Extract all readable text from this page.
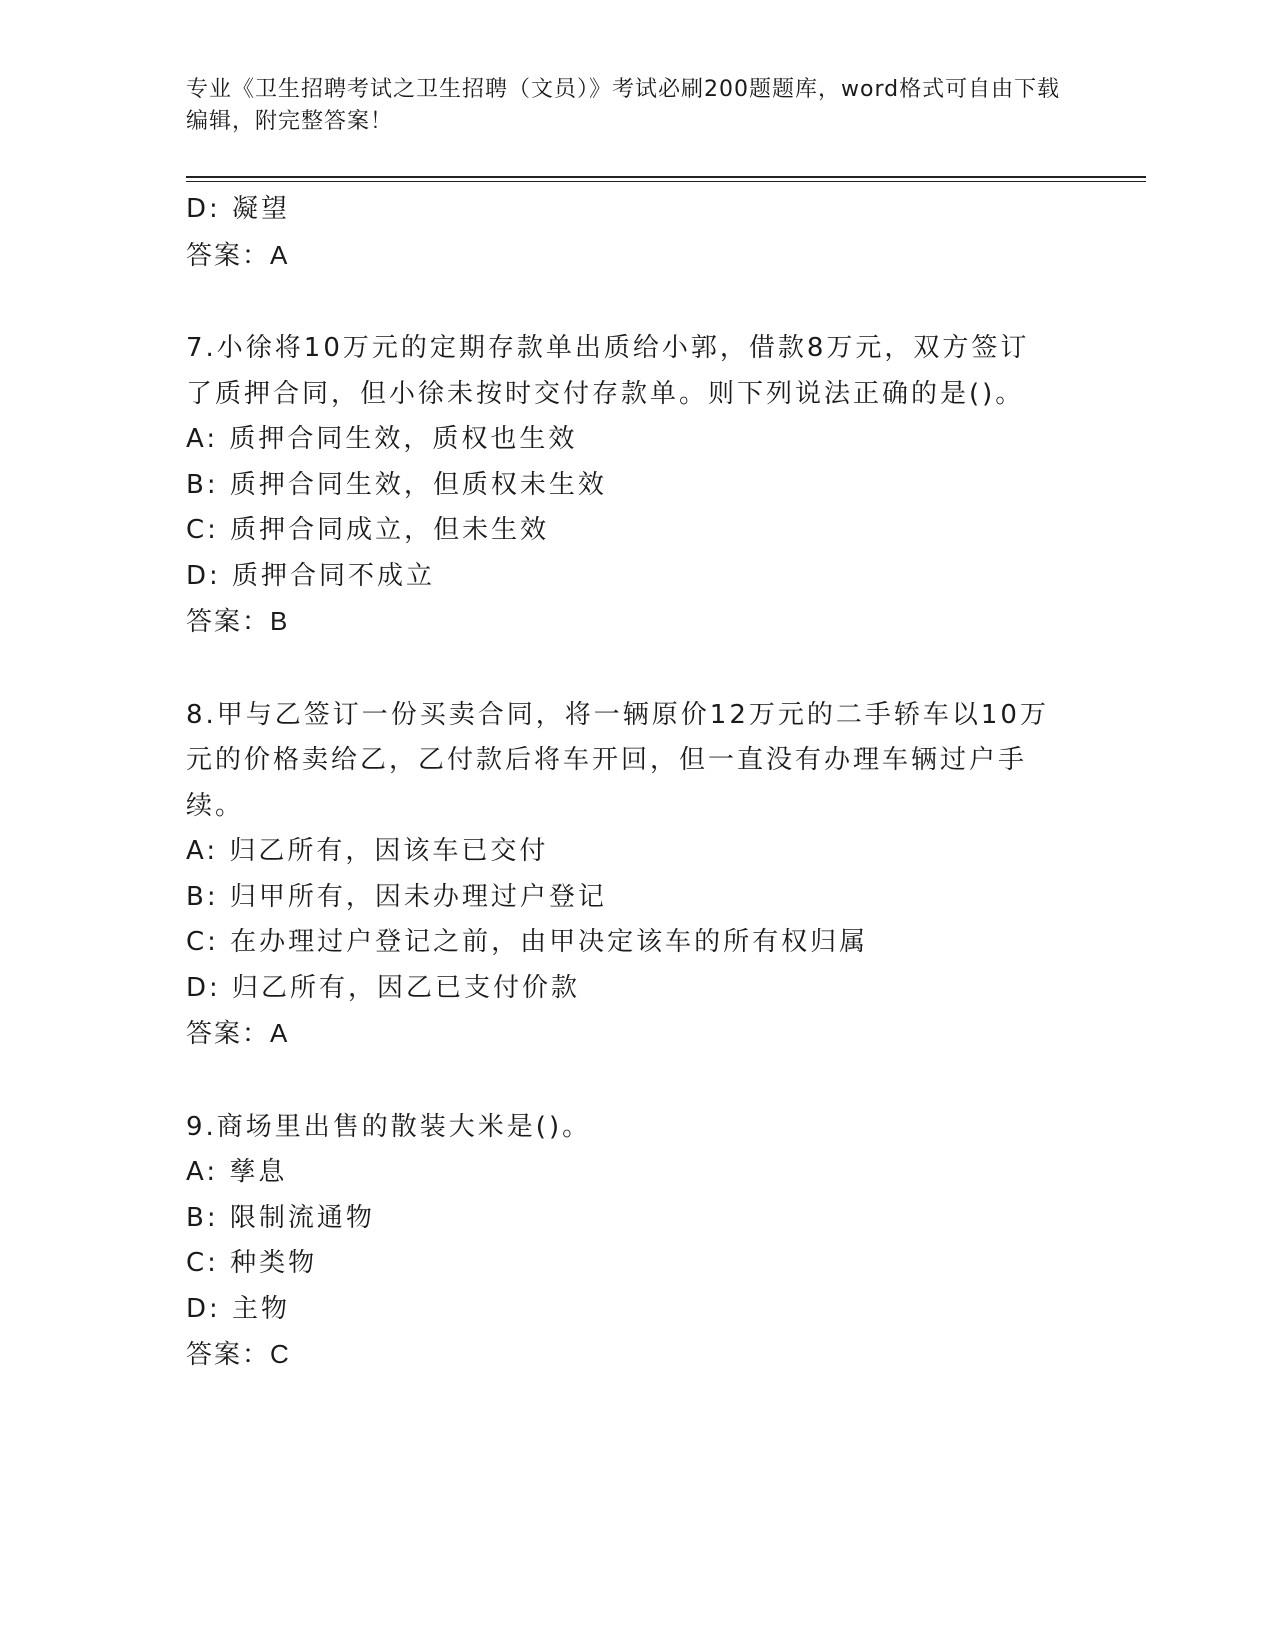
专业《卫生招聘考试之卫生招聘（文员）》考试必刷200题题库，word格式可自由下载编辑，附完整答案！
D: 凝望
答案：A
7.小徐将10万元的定期存款单出质给小郭，借款8万元，双方签订了质押合同，但小徐未按时交付存款单。则下列说法正确的是()。
A: 质押合同生效，质权也生效
B: 质押合同生效，但质权未生效
C: 质押合同成立，但未生效
D: 质押合同不成立
答案：B
8.甲与乙签订一份买卖合同，将一辆原价12万元的二手轿车以10万元的价格卖给乙，乙付款后将车开回，但一直没有办理车辆过户手续。
A: 归乙所有，因该车已交付
B: 归甲所有，因未办理过户登记
C: 在办理过户登记之前，由甲决定该车的所有权归属
D: 归乙所有，因乙已支付价款
答案：A
9.商场里出售的散装大米是()。
A: 孳息
B: 限制流通物
C: 种类物
D: 主物
答案：C
